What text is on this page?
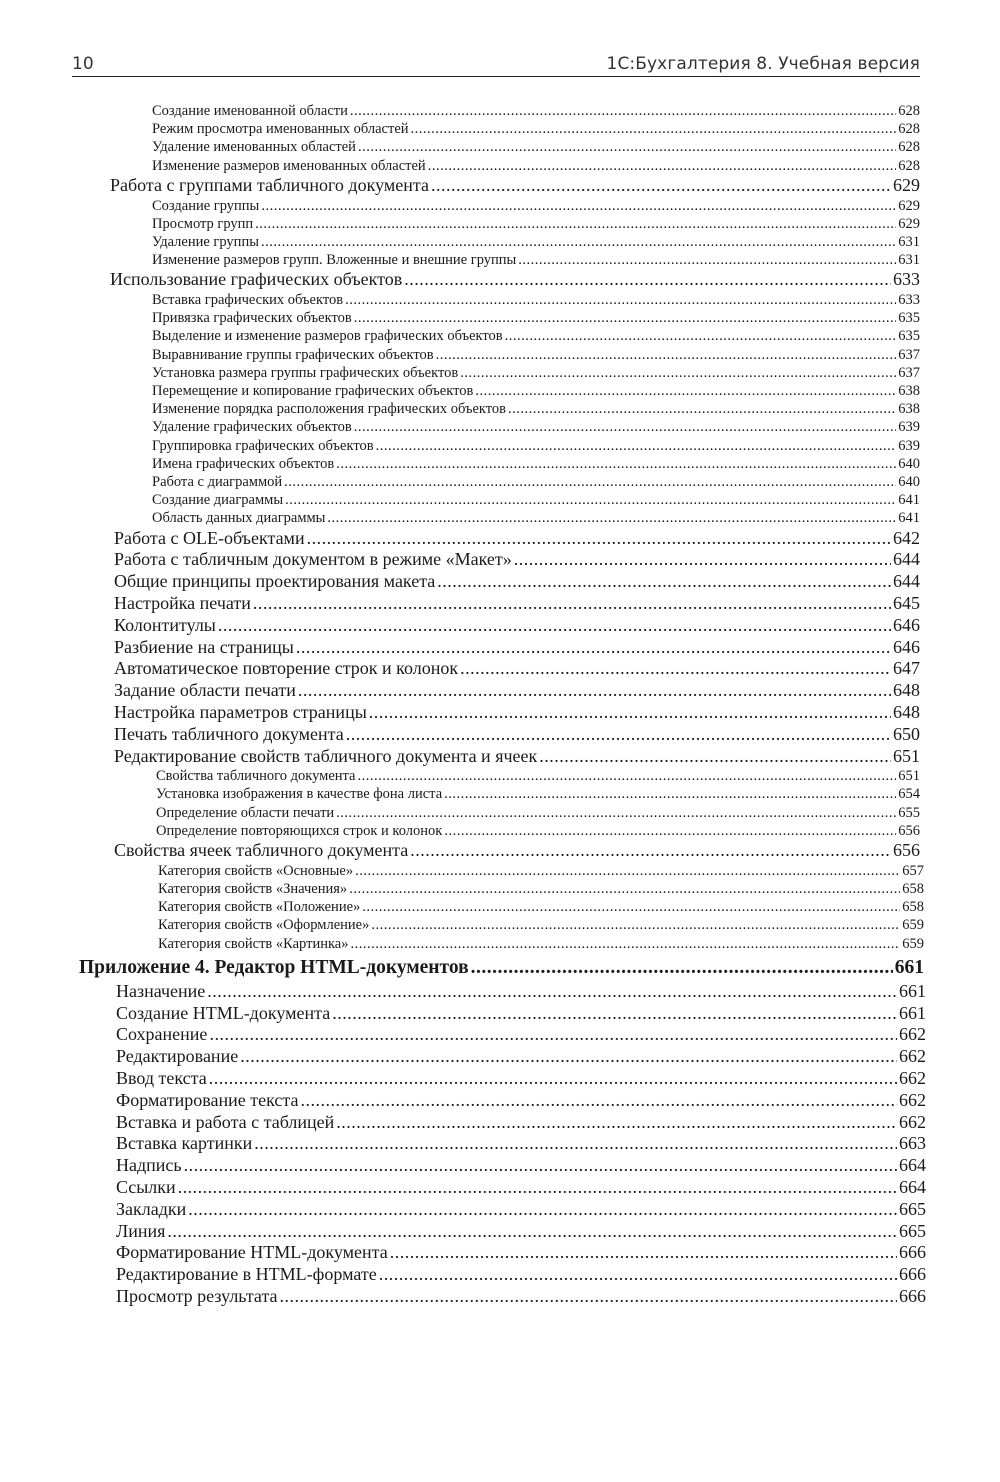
10	1С:Бухгалтерия 8. Учебная версия
Создание именованной области .....	628
Режим просмотра именованных областей .....	628
Удаление именованных областей .....	628
Изменение размеров именованных областей .....	628
Работа с группами табличного документа .....	629
Создание группы .....	629
Просмотр групп .....	629
Удаление группы .....	631
Изменение размеров групп. Вложенные и внешние группы .....	631
Использование графических объектов .....	633
Вставка графических объектов .....	633
Привязка графических объектов .....	635
Выделение и изменение размеров графических объектов .....	635
Выравнивание группы графических объектов .....	637
Установка размера группы графических объектов .....	637
Перемещение и копирование графических объектов .....	638
Изменение порядка расположения графических объектов .....	638
Удаление графических объектов .....	639
Группировка графических объектов .....	639
Имена графических объектов .....	640
Работа с диаграммой .....	640
Создание диаграммы .....	641
Область данных диаграммы .....	641
Работа с OLE-объектами .....	642
Работа с табличным документом в режиме «Макет» .....	644
Общие принципы проектирования макета .....	644
Настройка печати .....	645
Колонтитулы .....	646
Разбиение на страницы .....	646
Автоматическое повторение строк и колонок .....	647
Задание области печати .....	648
Настройка параметров страницы .....	648
Печать табличного документа .....	650
Редактирование свойств табличного документа и ячеек .....	651
Свойства табличного документа .....	651
Установка изображения в качестве фона листа .....	654
Определение области печати .....	655
Определение повторяющихся строк и колонок .....	656
Свойства ячеек табличного документа .....	656
Категория свойств «Основные» .....	657
Категория свойств «Значения» .....	658
Категория свойств «Положение» .....	658
Категория свойств «Оформление» .....	659
Категория свойств «Картинка» .....	659
Приложение 4. Редактор HTML-документов .....	661
Назначение .....	661
Создание HTML-документа .....	661
Сохранение .....	662
Редактирование .....	662
Ввод текста .....	662
Форматирование текста .....	662
Вставка и работа с таблицей .....	662
Вставка картинки .....	663
Надпись .....	664
Ссылки .....	664
Закладки .....	665
Линия .....	665
Форматирование HTML-документа .....	666
Редактирование в HTML-формате .....	666
Просмотр результата .....	666
